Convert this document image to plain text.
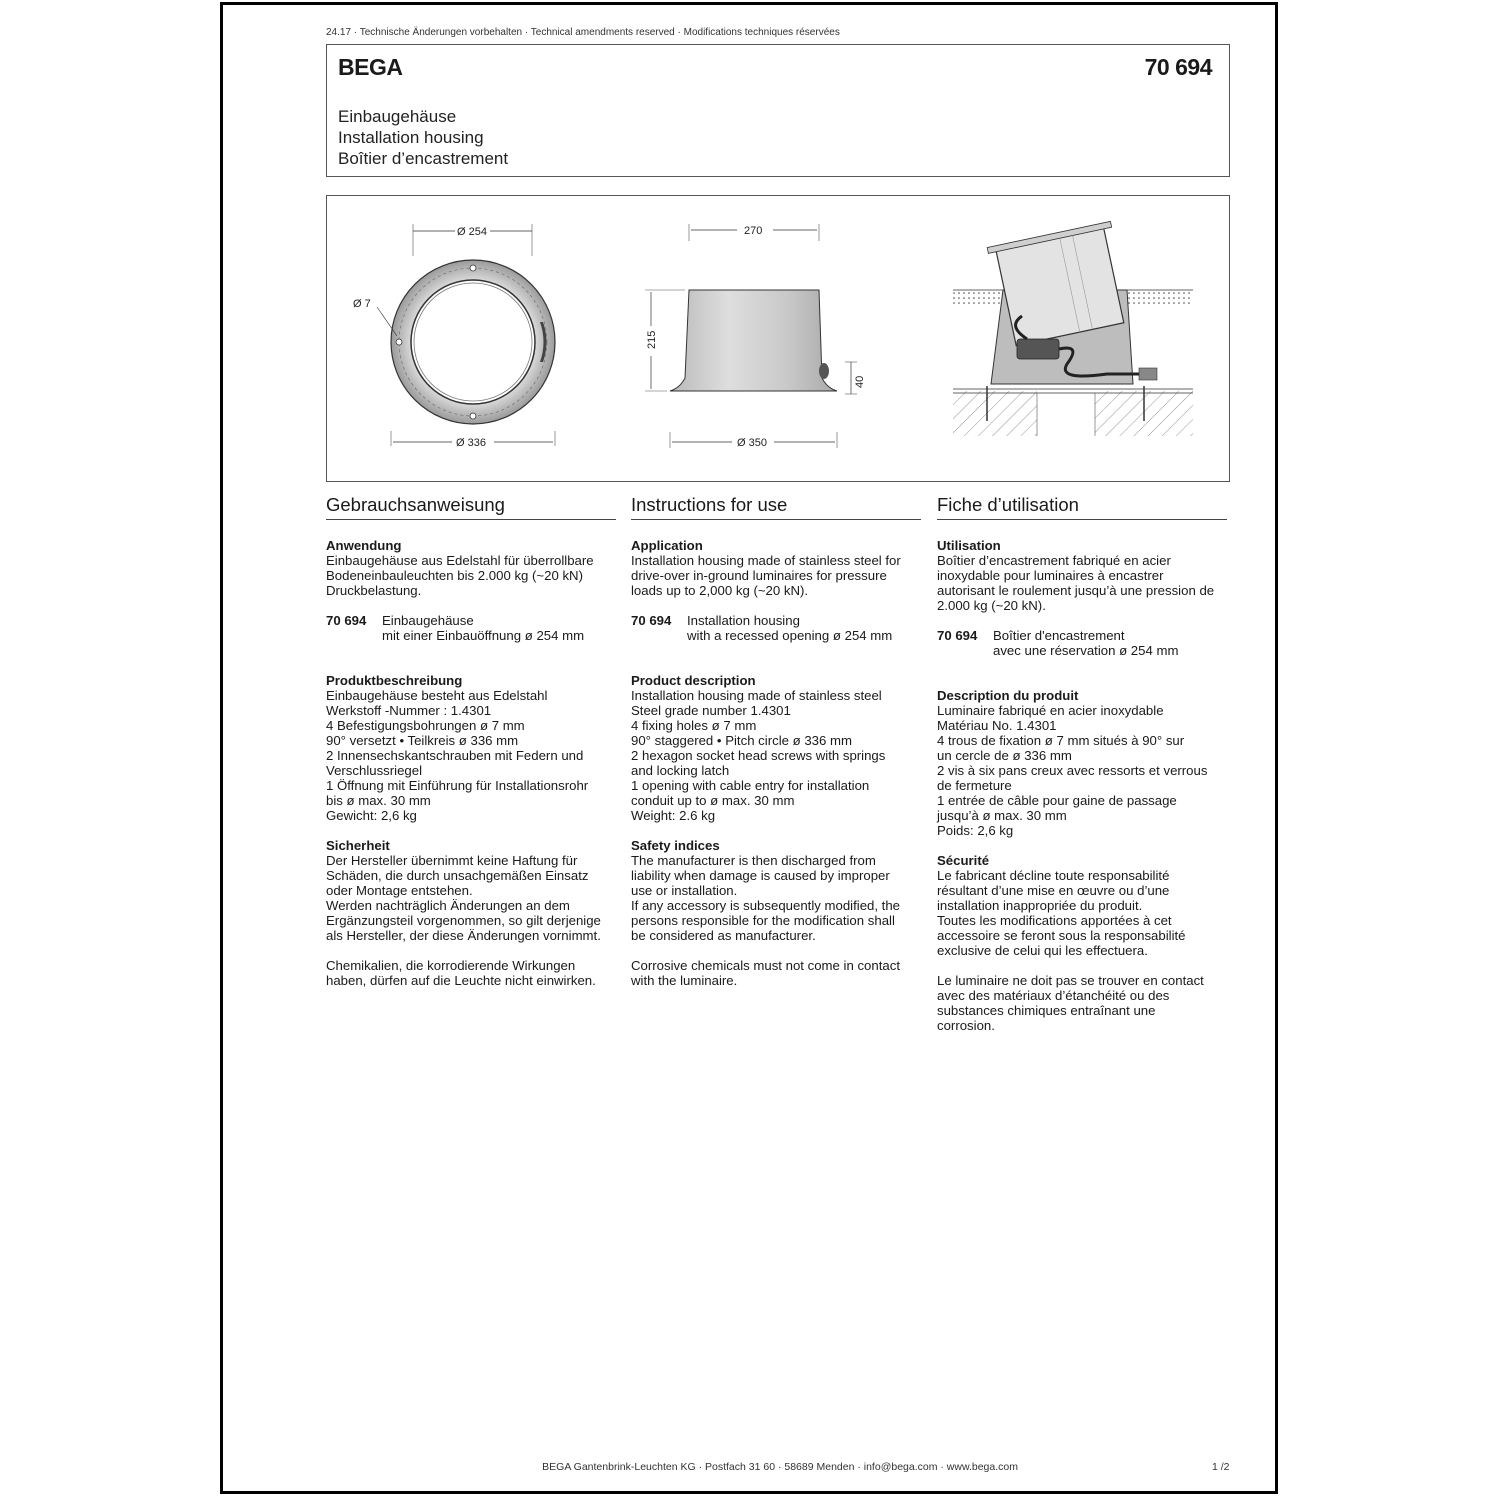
24.17 · Technische Änderungen vorbehalten · Technical amendments reserved · Modifications techniques réservées
BEGA	70 694
Einbaugehäuse
Installation housing
Boîtier d’encastrement
Ø 254
Ø 7
Ø 336
270
215
40
Ø 350
Gebrauchsanweisung
Anwendung
Einbaugehäuse aus Edelstahl für überrollbare
Bodeneinbauleuchten bis 2.000 kg (~20 kN)
Druckbelastung.
70 694	Einbaugehäuse
mit einer Einbauöffnung ø 254 mm
Produktbeschreibung
Einbaugehäuse besteht aus Edelstahl
Werkstoff -Nummer : 1.4301
4 Befestigungsbohrungen ø 7 mm
90° versetzt • Teilkreis ø 336 mm
2 Innensechskantschrauben mit Federn und
Verschlussriegel
1 Öffnung mit Einführung für Installationsrohr
bis ø max. 30 mm
Gewicht: 2,6 kg
Sicherheit
Der Hersteller übernimmt keine Haftung für
Schäden, die durch unsachgemäßen Einsatz
oder Montage entstehen.
Werden nachträglich Änderungen an dem
Ergänzungsteil vorgenommen, so gilt derjenige
als Hersteller, der diese Änderungen vornimmt.
Chemikalien, die korrodierende Wirkungen
haben, dürfen auf die Leuchte nicht einwirken.
Instructions for use
Application
Installation housing made of stainless steel for
drive-over in-ground luminaires for pressure
loads up to 2,000 kg (~20 kN).
70 694	Installation housing
with a recessed opening ø 254 mm
Product description
Installation housing made of stainless steel
Steel grade number 1.4301
4 fixing holes ø 7 mm
90° staggered • Pitch circle ø 336 mm
2 hexagon socket head screws with springs
and locking latch
1 opening with cable entry for installation
conduit up to ø max. 30 mm
Weight: 2.6 kg
Safety indices
The manufacturer is then discharged from
liability when damage is caused by improper
use or installation.
If any accessory is subsequently modified, the
persons responsible for the modification shall
be considered as manufacturer.
Corrosive chemicals must not come in contact
with the luminaire.
Fiche d’utilisation
Utilisation
Boîtier d’encastrement fabriqué en acier
inoxydable pour luminaires à encastrer
autorisant le roulement jusqu’à une pression de
2.000 kg (~20 kN).
70 694	Boîtier d'encastrement
avec une réservation ø 254 mm
Description du produit
Luminaire fabriqué en acier inoxydable
Matériau No. 1.4301
4 trous de fixation ø 7 mm situés à 90° sur
un cercle de ø 336 mm
2 vis à six pans creux avec ressorts et verrous
de fermeture
1 entrée de câble pour gaine de passage
jusqu’à ø max. 30 mm
Poids: 2,6 kg
Sécurité
Le fabricant décline toute responsabilité
résultant d’une mise en œuvre ou d’une
installation inappropriée du produit.
Toutes les modifications apportées à cet
accessoire se feront sous la responsabilité
exclusive de celui qui les effectuera.
Le luminaire ne doit pas se trouver en contact
avec des matériaux d’étanchéité ou des
substances chimiques entraînant une
corrosion.
BEGA Gantenbrink-Leuchten KG · Postfach 31 60 · 58689 Menden · info@bega.com · www.bega.com	1 /2
